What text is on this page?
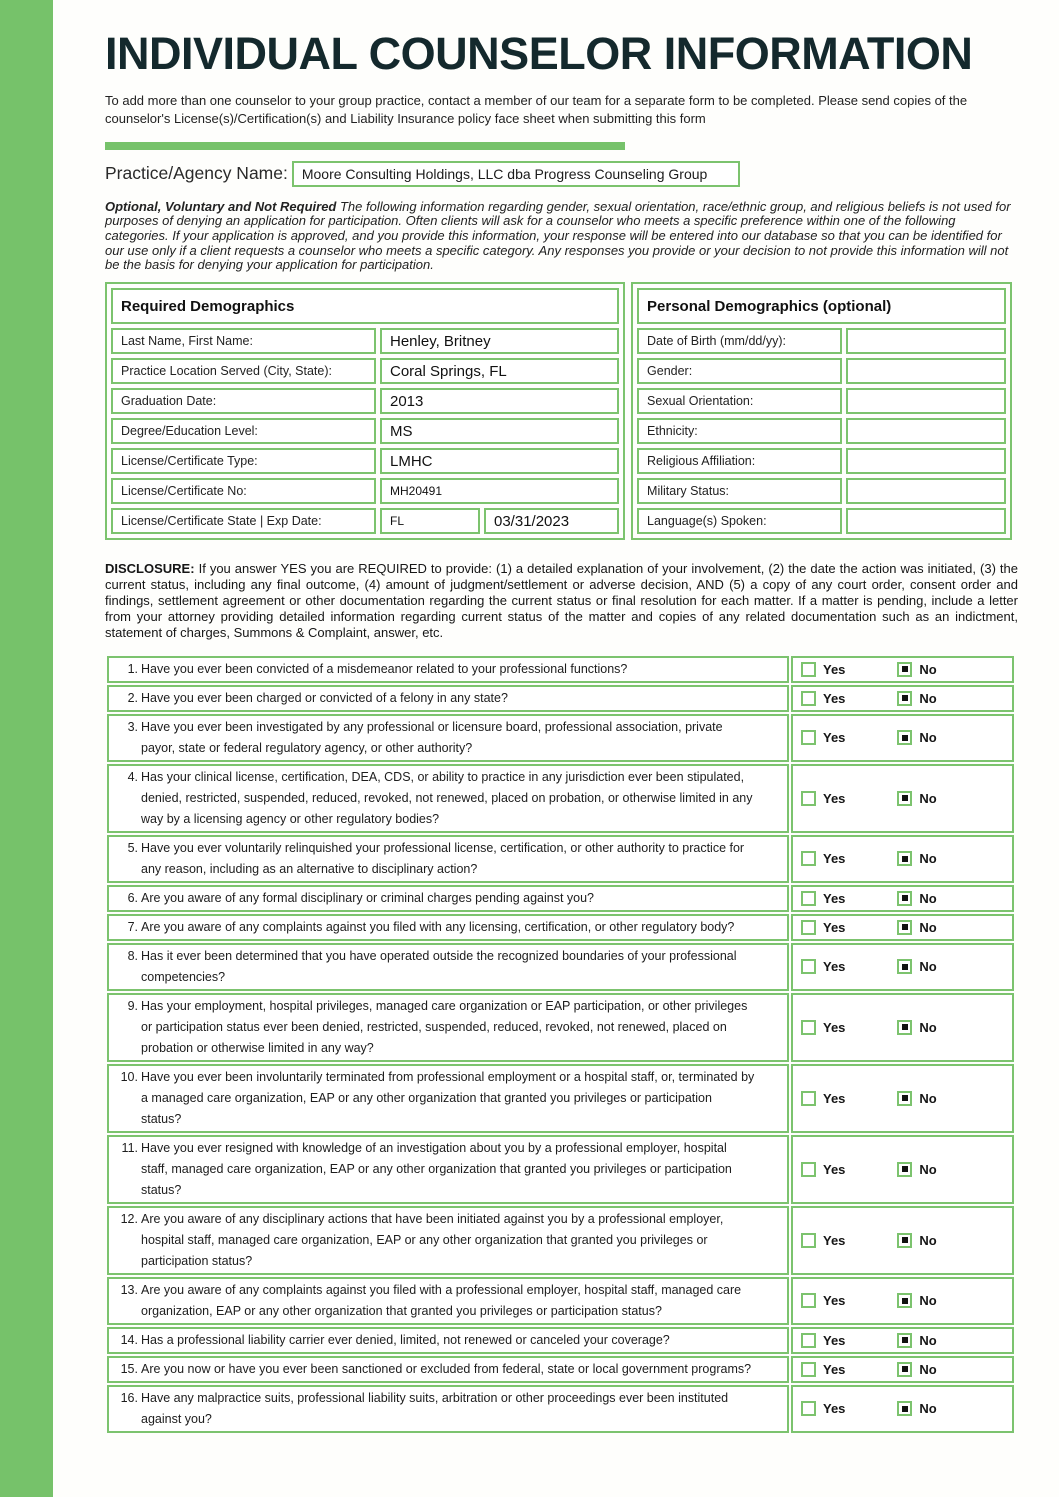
INDIVIDUAL COUNSELOR INFORMATION

To add more than one counselor to your group practice, contact a member of our team for a separate form to be completed. Please send copies of the counselor's License(s)/Certification(s) and Liability Insurance policy face sheet when submitting this form

Practice/Agency Name:	Moore Consulting Holdings, LLC dba Progress Counseling Group

Optional, Voluntary and Not Required The following information regarding gender, sexual orientation, race/ethnic group, and religious beliefs is not used for purposes of denying an application for participation. Often clients will ask for a counselor who meets a specific preference within one of the following categories. If your application is approved, and you provide this information, your response will be entered into our database so that you can be identified for our use only if a client requests a counselor who meets a specific category. Any responses you provide or your decision to not provide this information will not be the basis for denying your application for participation.

Required Demographics		
Last Name, First Name:	Henley, Britney	
Practice Location Served (City, State):	Coral Springs, FL	
Graduation Date:	2013	
Degree/Education Level:	MS	
License/Certificate Type:	LMHC	
License/Certificate No:	MH20491	
License/Certificate State | Exp Date:	FL	03/31/2023
Personal Demographics (optional)	
Date of Birth (mm/dd/yy):	
Gender:	
Sexual Orientation:	
Ethnicity:	
Religious Affiliation:	
Military Status:	
Language(s) Spoken:	

DISCLOSURE: If you answer YES you are REQUIRED to provide: (1) a detailed explanation of your involvement, (2) the date the action was initiated, (3) the current status, including any final outcome, (4) amount of judgment/settlement or adverse decision, AND (5) a copy of any court order, consent order and findings, settlement agreement or other documentation regarding the current status or final resolution for each matter. If a matter is pending, include a letter from your attorney providing detailed information regarding current status of the matter and copies of any related documentation such as an indictment, statement of charges, Summons & Complaint, answer, etc.

1. Have you ever been convicted of a misdemeanor related to your professional functions?	Yes No

2. Have you ever been charged or convicted of a felony in any state?	Yes No

3. Have you ever been investigated by any professional or licensure board, professional association, private
payor, state or federal regulatory agency, or other authority?

Yes	No

4. Has your clinical license, certification, DEA, CDS, or ability to practice in any jurisdiction ever been stipulated,
denied, restricted, suspended, reduced, revoked, not renewed, placed on probation, or otherwise limited in any
way by a licensing agency or other regulatory bodies?

Yes	No

5. Have you ever voluntarily relinquished your professional license, certification, or other authority to practice for
any reason, including as an alternative to disciplinary action?

Yes	No

6. Are you aware of any formal disciplinary or criminal charges pending against you?	Yes No

7. Are you aware of any complaints against you filed with any licensing, certification, or other regulatory body?	Yes No

8. Has it ever been determined that you have operated outside the recognized boundaries of your professional
competencies?

Yes	No

9. Has your employment, hospital privileges, managed care organization or EAP participation, or other privileges
or participation status ever been denied, restricted, suspended, reduced, revoked, not renewed, placed on
probation or otherwise limited in any way?

Yes	No

10. Have you ever been involuntarily terminated from professional employment or a hospital staff, or, terminated by
a managed care organization, EAP or any other organization that granted you privileges or participation
status?

Yes	No

11. Have you ever resigned with knowledge of an investigation about you by a professional employer, hospital
staff, managed care organization, EAP or any other organization that granted you privileges or participation
status?

Yes	No

12. Are you aware of any disciplinary actions that have been initiated against you by a professional employer,
hospital staff, managed care organization, EAP or any other organization that granted you privileges or
participation status?

Yes	No

13. Are you aware of any complaints against you filed with a professional employer, hospital staff, managed care
organization, EAP or any other organization that granted you privileges or participation status?

Yes	No

14. Has a professional liability carrier ever denied, limited, not renewed or canceled your coverage?	Yes No

15. Are you now or have you ever been sanctioned or excluded from federal, state or local government programs?	Yes No

16. Have any malpractice suits, professional liability suits, arbitration or other proceedings ever been instituted
against you?

Yes	No
